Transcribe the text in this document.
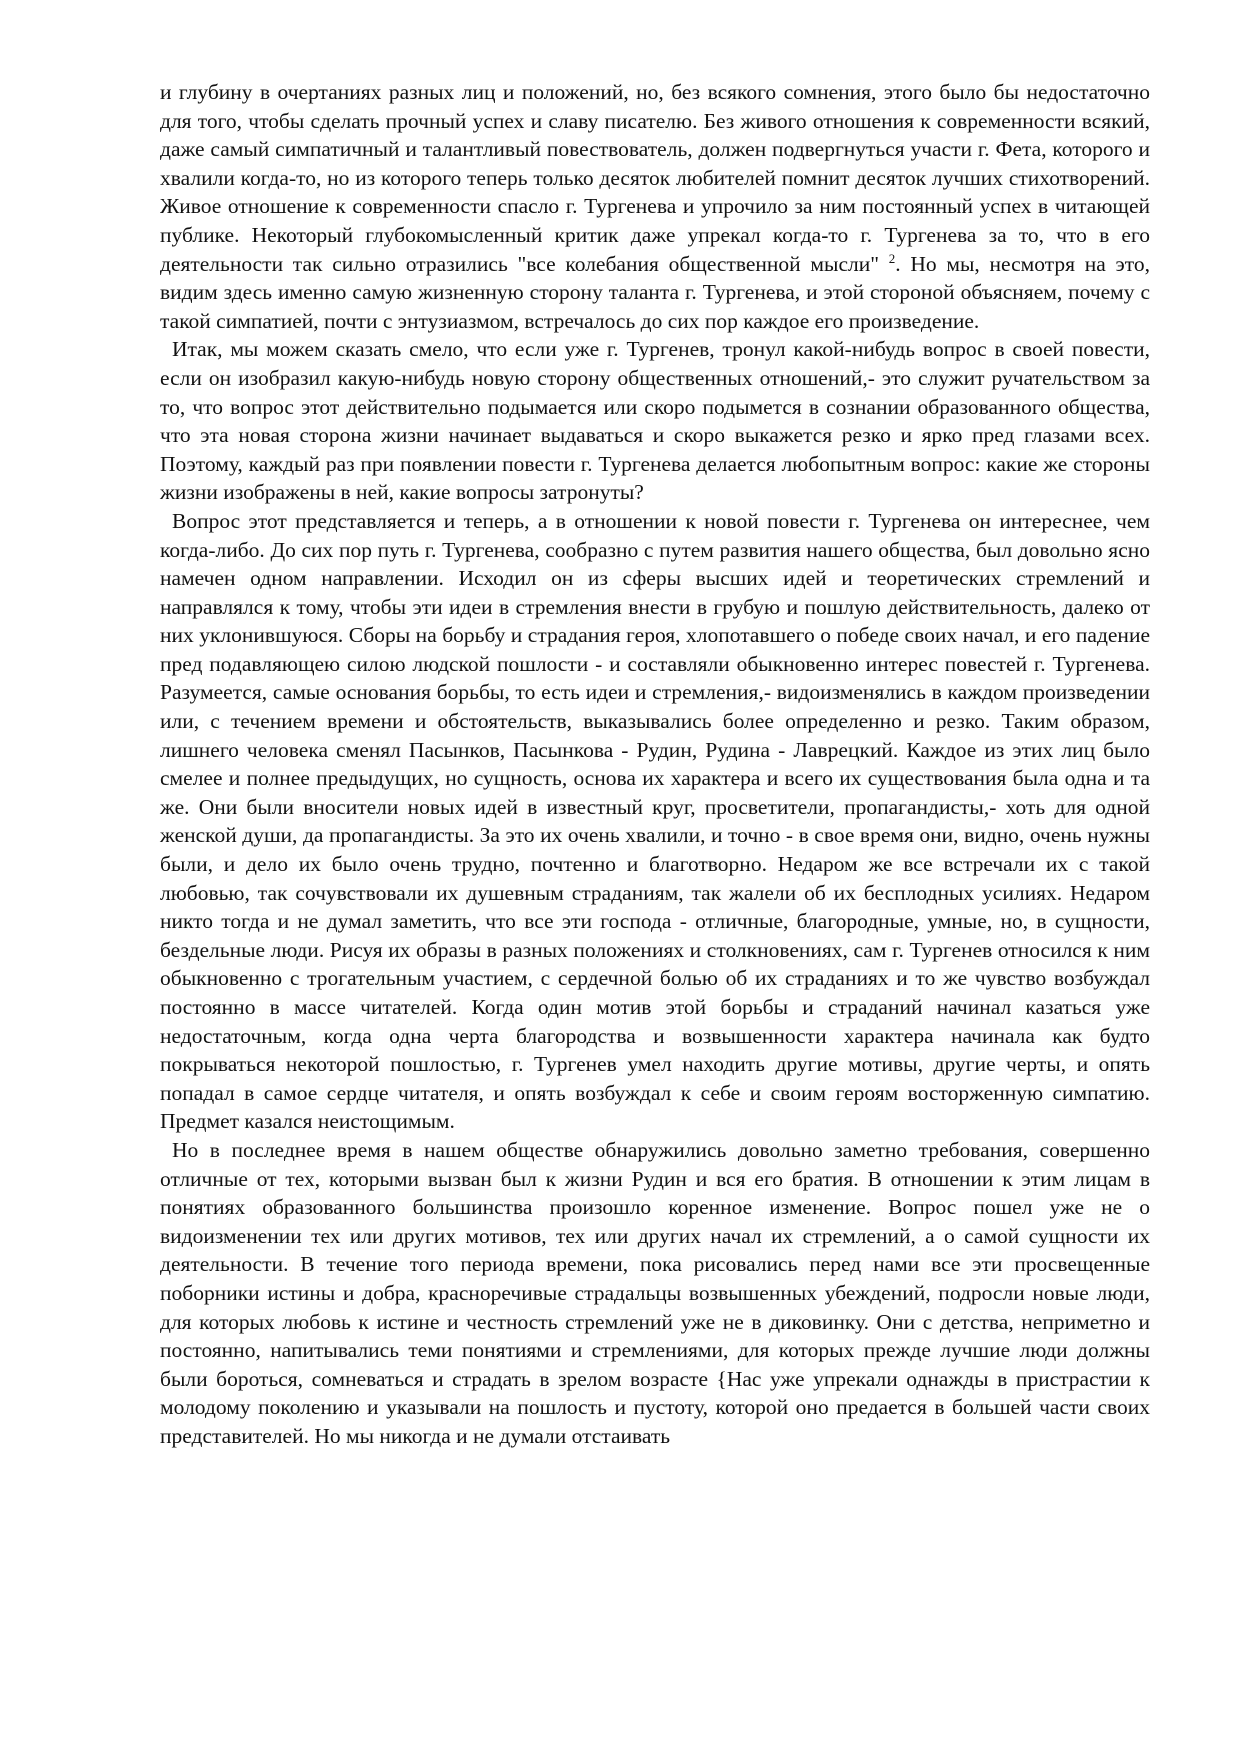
и глубину в очертаниях разных лиц и положений, но, без всякого сомнения, этого было бы недостаточно для того, чтобы сделать прочный успех и славу писателю. Без живого отношения к современности всякий, даже самый симпатичный и талантливый повествователь, должен подвергнуться участи г. Фета, которого и хвалили когда-то, но из которого теперь только десяток любителей помнит десяток лучших стихотворений. Живое отношение к современности спасло г. Тургенева и упрочило за ним постоянный успех в читающей публике. Некоторый глубокомысленный критик даже упрекал когда-то г. Тургенева за то, что в его деятельности так сильно отразились "все колебания общественной мысли" $^2$. Но мы, несмотря на это, видим здесь именно самую жизненную сторону таланта г. Тургенева, и этой стороной объясняем, почему с такой симпатией, почти с энтузиазмом, встречалось до сих пор каждое его произведение.

Итак, мы можем сказать смело, что если уже г. Тургенев, тронул какой-нибудь вопрос в своей повести, если он изобразил какую-нибудь новую сторону общественных отношений,- это служит ручательством за то, что вопрос этот действительно подымается или скоро подымется в сознании образованного общества, что эта новая сторона жизни начинает выдаваться и скоро выкажется резко и ярко пред глазами всех. Поэтому, каждый раз при появлении повести г. Тургенева делается любопытным вопрос: какие же стороны жизни изображены в ней, какие вопросы затронуты?

Вопрос этот представляется и теперь, а в отношении к новой повести г. Тургенева он интереснее, чем когда-либо. До сих пор путь г. Тургенева, сообразно с путем развития нашего общества, был довольно ясно намечен одном направлении. Исходил он из сферы высших идей и теоретических стремлений и направлялся к тому, чтобы эти идеи в стремления внести в грубую и пошлую действительность, далеко от них уклонившуюся. Сборы на борьбу и страдания героя, хлопотавшего о победе своих начал, и его падение пред подавляющею силою людской пошлости - и составляли обыкновенно интерес повестей г. Тургенева. Разумеется, самые основания борьбы, то есть идеи и стремления,- видоизменялись в каждом произведении или, с течением времени и обстоятельств, выказывались более определенно и резко. Таким образом, лишнего человека сменял Пасынков, Пасынкова - Рудин, Рудина - Лаврецкий. Каждое из этих лиц было смелее и полнее предыдущих, но сущность, основа их характера и всего их существования была одна и та же. Они были вносители новых идей в известный круг, просветители, пропагандисты,- хоть для одной женской души, да пропагандисты. За это их очень хвалили, и точно - в свое время они, видно, очень нужны были, и дело их было очень трудно, почтенно и благотворно. Недаром же все встречали их с такой любовью, так сочувствовали их душевным страданиям, так жалели об их бесплодных усилиях. Недаром никто тогда и не думал заметить, что все эти господа - отличные, благородные, умные, но, в сущности, бездельные люди. Рисуя их образы в разных положениях и столкновениях, сам г. Тургенев относился к ним обыкновенно с трогательным участием, с сердечной болью об их страданиях и то же чувство возбуждал постоянно в массе читателей. Когда один мотив этой борьбы и страданий начинал казаться уже недостаточным, когда одна черта благородства и возвышенности характера начинала как будто покрываться некоторой пошлостью, г. Тургенев умел находить другие мотивы, другие черты, и опять попадал в самое сердце читателя, и опять возбуждал к себе и своим героям восторженную симпатию. Предмет казался неистощимым.

Но в последнее время в нашем обществе обнаружились довольно заметно требования, совершенно отличные от тех, которыми вызван был к жизни Рудин и вся его братия. В отношении к этим лицам в понятиях образованного большинства произошло коренное изменение. Вопрос пошел уже не о видоизменении тех или других мотивов, тех или других начал их стремлений, а о самой сущности их деятельности. В течение того периода времени, пока рисовались перед нами все эти просвещенные поборники истины и добра, красноречивые страдальцы возвышенных убеждений, подросли новые люди, для которых любовь к истине и честность стремлений уже не в диковинку. Они с детства, неприметно и постоянно, напитывались теми понятиями и стремлениями, для которых прежде лучшие люди должны были бороться, сомневаться и страдать в зрелом возрасте {Нас уже упрекали однажды в пристрастии к молодому поколению и указывали на пошлость и пустоту, которой оно предается в большей части своих представителей. Но мы никогда и не думали отстаивать
